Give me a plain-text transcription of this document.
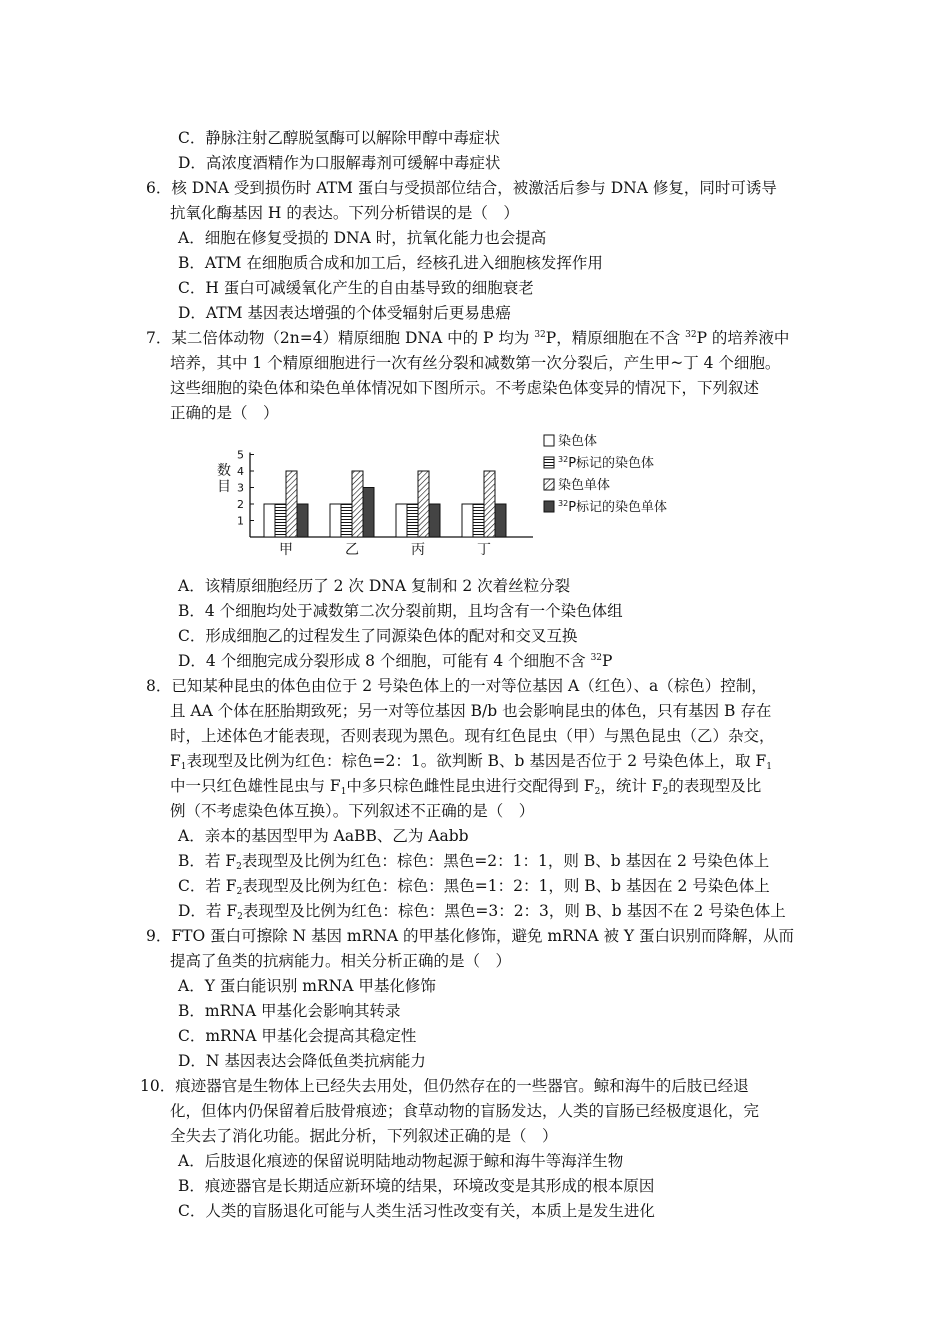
C．静脉注射乙醇脱氢酶可以解除甲醇中毒症状
D．高浓度酒精作为口服解毒剂可缓解中毒症状
6．核 DNA 受到损伤时 ATM 蛋白与受损部位结合，被激活后参与 DNA 修复，同时可诱导
抗氧化酶基因 H 的表达。下列分析错误的是（　）
A．细胞在修复受损的 DNA 时，抗氧化能力也会提高
B．ATM 在细胞质合成和加工后，经核孔进入细胞核发挥作用
C．H 蛋白可减缓氧化产生的自由基导致的细胞衰老
D．ATM 基因表达增强的个体受辐射后更易患癌
7．某二倍体动物（2n=4）精原细胞 DNA 中的 P 均为 $^{32}$P，精原细胞在不含 $^{32}$P 的培养液中
培养，其中 1 个精原细胞进行一次有丝分裂和减数第一次分裂后，产生甲~丁 4 个细胞。
这些细胞的染色体和染色单体情况如下图所示。不考虑染色体变异的情况下，下列叙述
正确的是（　）
1
2
3
4
5
数
目
甲	乙	丙	丁
染色体
$^{32}$P标记的染色体
染色单体
$^{32}$P标记的染色单体
A．该精原细胞经历了 2 次 DNA 复制和 2 次着丝粒分裂
B．4 个细胞均处于减数第二次分裂前期，且均含有一个染色体组
C．形成细胞乙的过程发生了同源染色体的配对和交叉互换
D．4 个细胞完成分裂形成 8 个细胞，可能有 4 个细胞不含 $^{32}$P
8．已知某种昆虫的体色由位于 2 号染色体上的一对等位基因 A（红色）、a（棕色）控制，
且 AA 个体在胚胎期致死；另一对等位基因 B/b 也会影响昆虫的体色，只有基因 B 存在
时，上述体色才能表现，否则表现为黑色。现有红色昆虫（甲）与黑色昆虫（乙）杂交，
$F_1$表现型及比例为红色：棕色=2：1。欲判断 B、b 基因是否位于 2 号染色体上，取 $F_1$
中一只红色雄性昆虫与 $F_1$中多只棕色雌性昆虫进行交配得到 $F_2$，统计 $F_2$的表现型及比
例（不考虑染色体互换）。下列叙述不正确的是（　）
A．亲本的基因型甲为 AaBB、乙为 Aabb
B．若 $F_2$表现型及比例为红色：棕色：黑色=2：1：1，则 B、b 基因在 2 号染色体上
C．若 $F_2$表现型及比例为红色：棕色：黑色=1：2：1，则 B、b 基因在 2 号染色体上
D．若 $F_2$表现型及比例为红色：棕色：黑色=3：2：3，则 B、b 基因不在 2 号染色体上
9．FTO 蛋白可擦除 N 基因 mRNA 的甲基化修饰，避免 mRNA 被 Y 蛋白识别而降解，从而
提高了鱼类的抗病能力。相关分析正确的是（　）
A．Y 蛋白能识别 mRNA 甲基化修饰
B．mRNA 甲基化会影响其转录
C．mRNA 甲基化会提高其稳定性
D．N 基因表达会降低鱼类抗病能力
10．痕迹器官是生物体上已经失去用处，但仍然存在的一些器官。鲸和海牛的后肢已经退
化，但体内仍保留着后肢骨痕迹；食草动物的盲肠发达，人类的盲肠已经极度退化，完
全失去了消化功能。据此分析，下列叙述正确的是（　）
A．后肢退化痕迹的保留说明陆地动物起源于鲸和海牛等海洋生物
B．痕迹器官是长期适应新环境的结果，环境改变是其形成的根本原因
C．人类的盲肠退化可能与人类生活习性改变有关，本质上是发生进化
